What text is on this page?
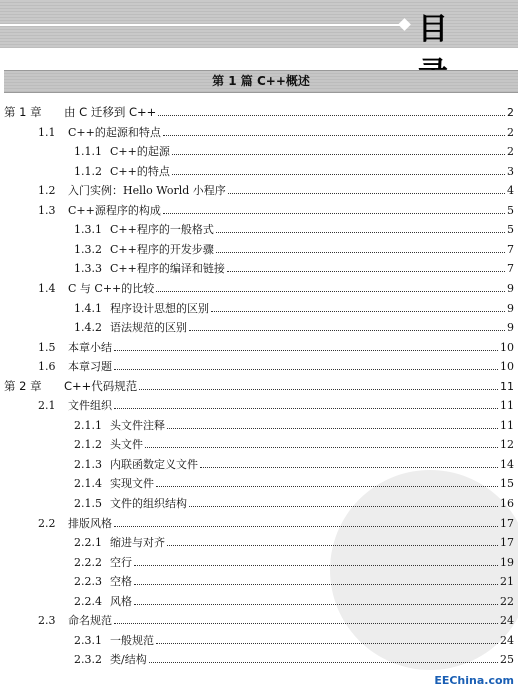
目
第 1 篇 C++概述
第 1 章	由 C 迁移到 C++	2
1.1	C++的起源和特点	2
1.1.1 C++的起源	2
1.1.2 C++的特点	3
1.2	入门实例：Hello World 小程序	4
1.3	C++源程序的构成	5
1.3.1 C++程序的一般格式	5
1.3.2 C++程序的开发步骤	7
1.3.3 C++程序的编译和链接	7
1.4	C 与 C++的比较	9
1.4.1 程序设计思想的区别	9
1.4.2 语法规范的区别	9
1.5	本章小结	10
1.6	本章习题	10
第 2 章	C++代码规范	11
2.1	文件组织	11
2.1.1 头文件注释	11
2.1.2 头文件	12
2.1.3 内联函数定义文件	14
2.1.4 实现文件	15
2.1.5 文件的组织结构	16
2.2	排版风格	17
2.2.1 缩进与对齐	17
2.2.2 空行	19
2.2.3 空格	21
2.2.4 风格	22
2.3	命名规范	24
2.3.1 一般规范	24
2.3.2 类/结构	25
EEChina.com
